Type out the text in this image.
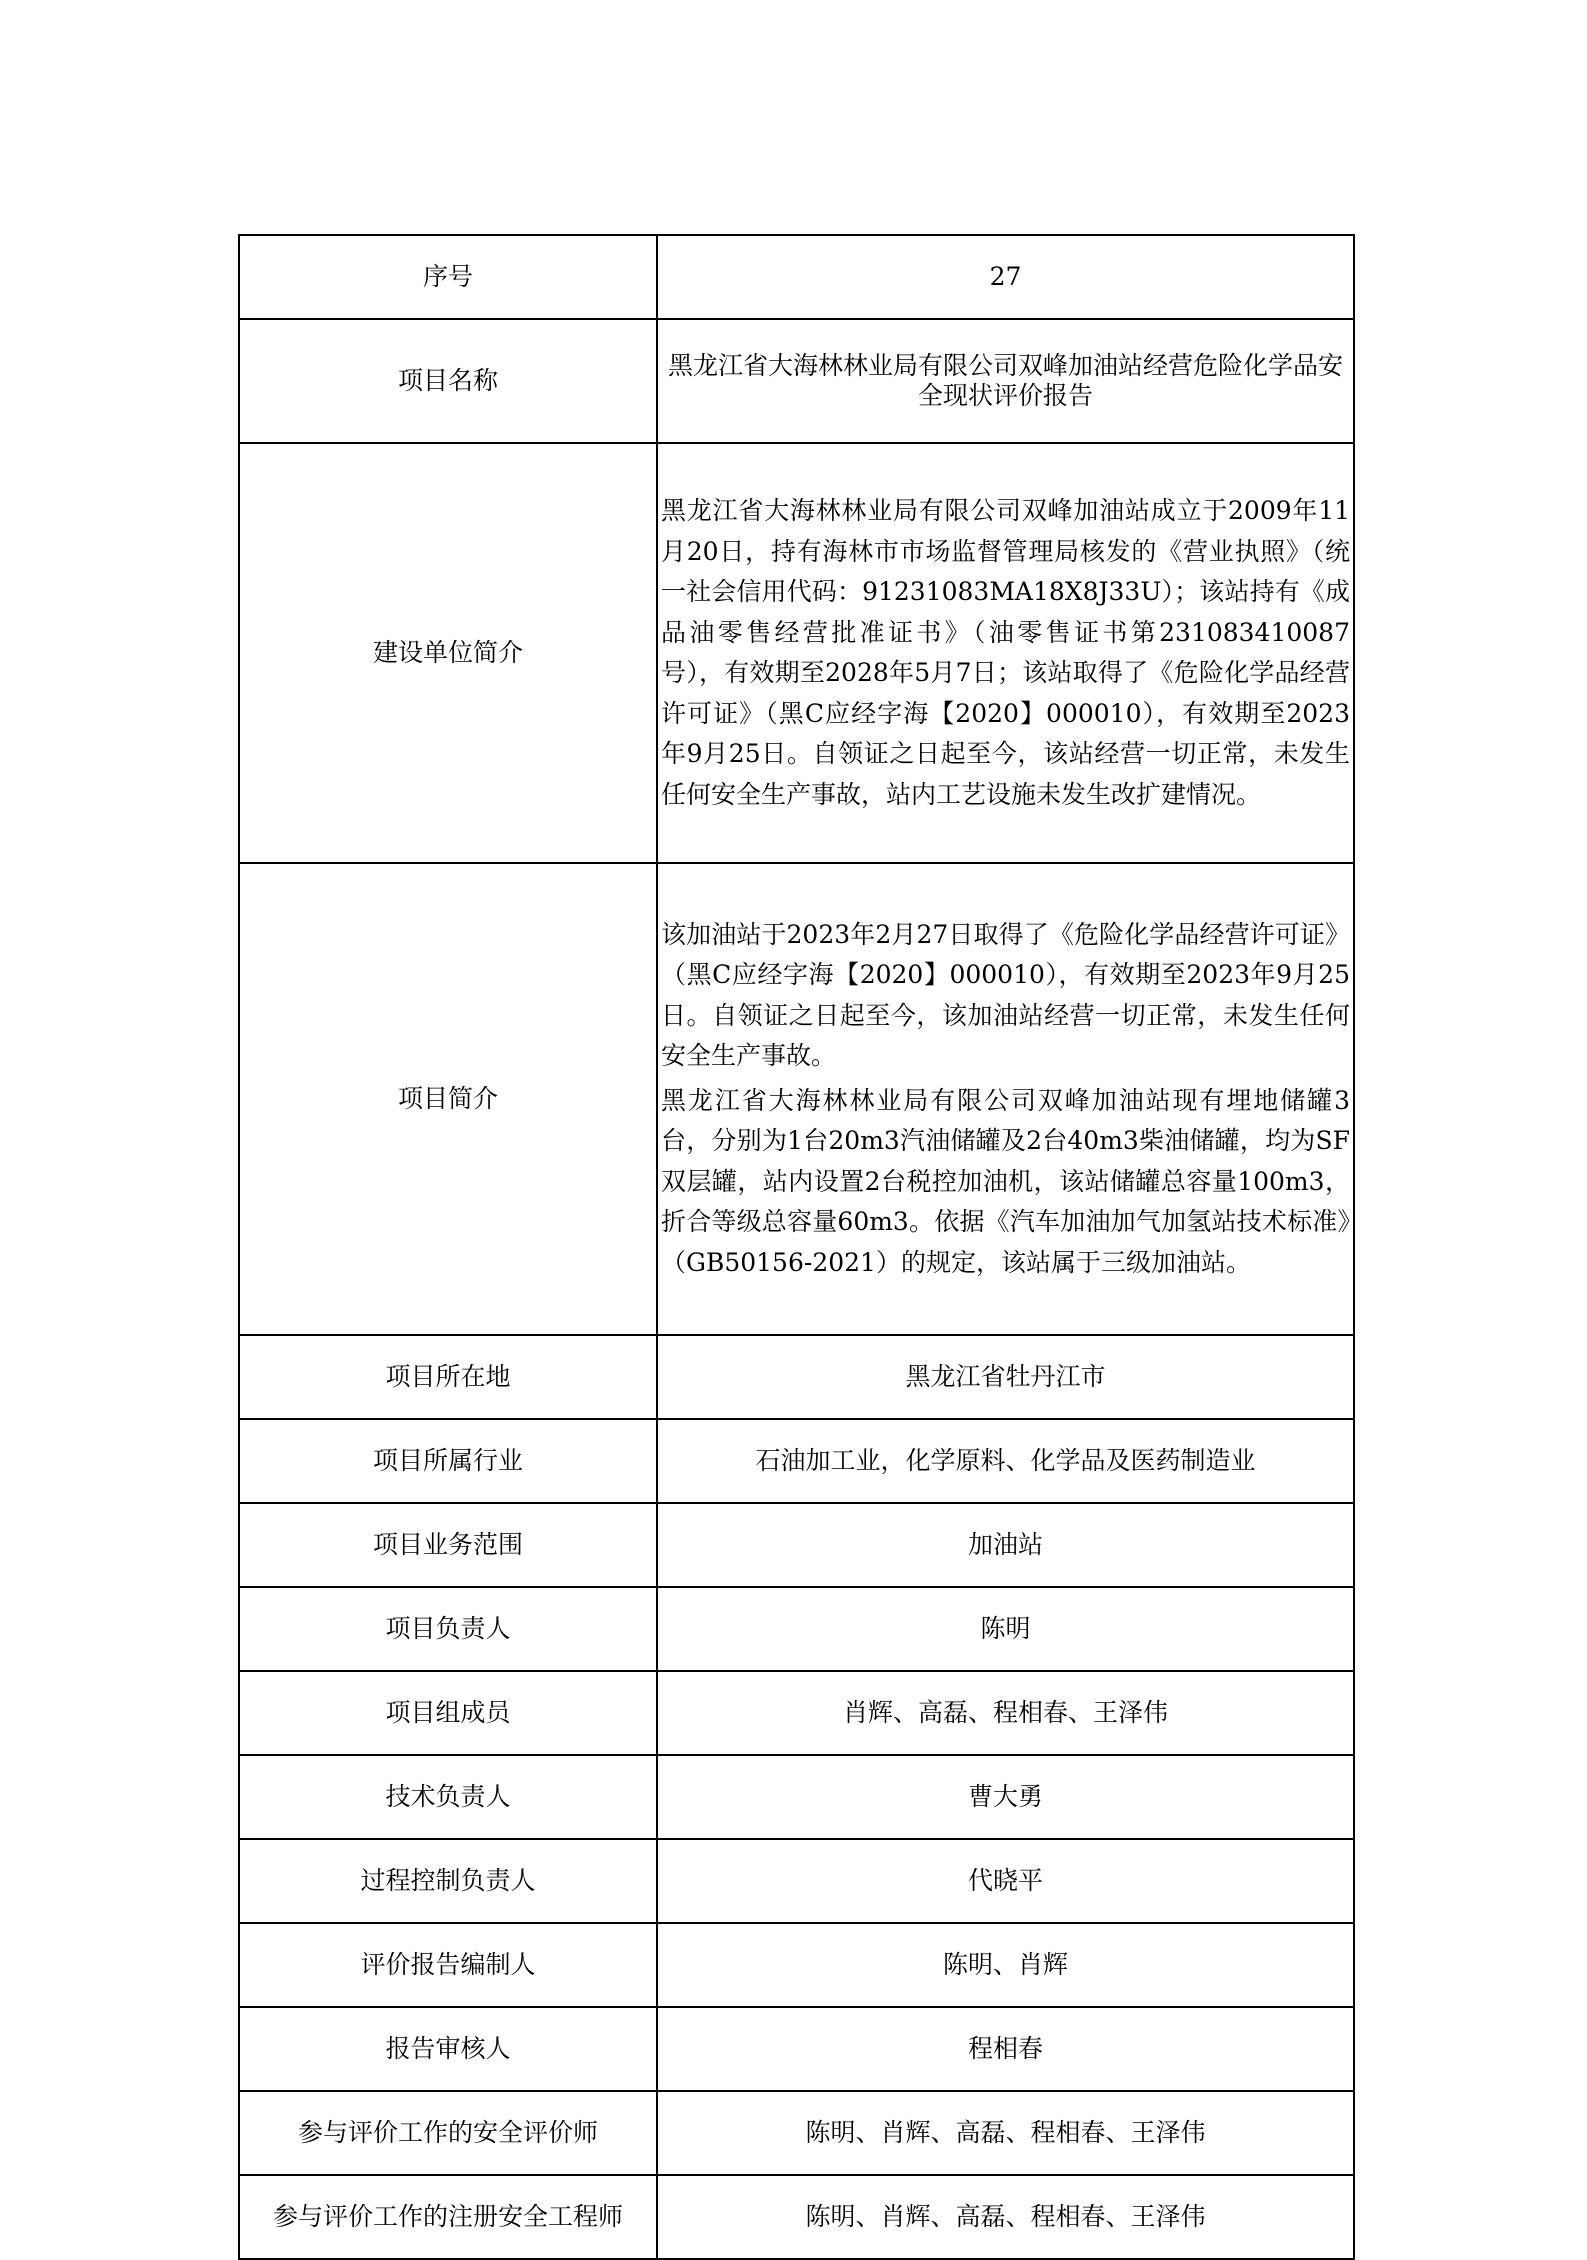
序号	27
项目名称	黑龙江省大海林林业局有限公司双峰加油站经营危险化学品安全现状评价报告
建设单位简介	黑龙江省大海林林业局有限公司双峰加油站成立于2009年11月20日，持有海林市市场监督管理局核发的《营业执照》（统一社会信用代码：91231083MA18X8J33U）；该站持有《成品油零售经营批准证书》（油零售证书第231083410087号），有效期至2028年5月7日；该站取得了《危险化学品经营许可证》（黑C应经字海【2020】000010），有效期至2023年9月25日。自领证之日起至今，该站经营一切正常，未发生任何安全生产事故，站内工艺设施未发生改扩建情况。

项目简介	该加油站于2023年2月27日取得了《危险化学品经营许可证》（黑C应经字海【2020】000010），有效期至2023年9月25日。自领证之日起至今，该加油站经营一切正常，未发生任何安全生产事故。

黑龙江省大海林林业局有限公司双峰加油站现有埋地储罐3台，分别为1台20m3汽油储罐及2台40m3柴油储罐，均为SF双层罐，站内设置2台税控加油机，该站储罐总容量100m3，折合等级总容量60m3。依据《汽车加油加气加氢站技术标准》（GB50156-2021）的规定，该站属于三级加油站。

项目所在地	黑龙江省牡丹江市
项目所属行业	石油加工业，化学原料、化学品及医药制造业
项目业务范围	加油站
项目负责人	陈明
项目组成员	肖辉、高磊、程相春、王泽伟
技术负责人	曹大勇
过程控制负责人	代晓平
评价报告编制人	陈明、肖辉
报告审核人	程相春
参与评价工作的安全评价师	陈明、肖辉、高磊、程相春、王泽伟
参与评价工作的注册安全工程师	陈明、肖辉、高磊、程相春、王泽伟
